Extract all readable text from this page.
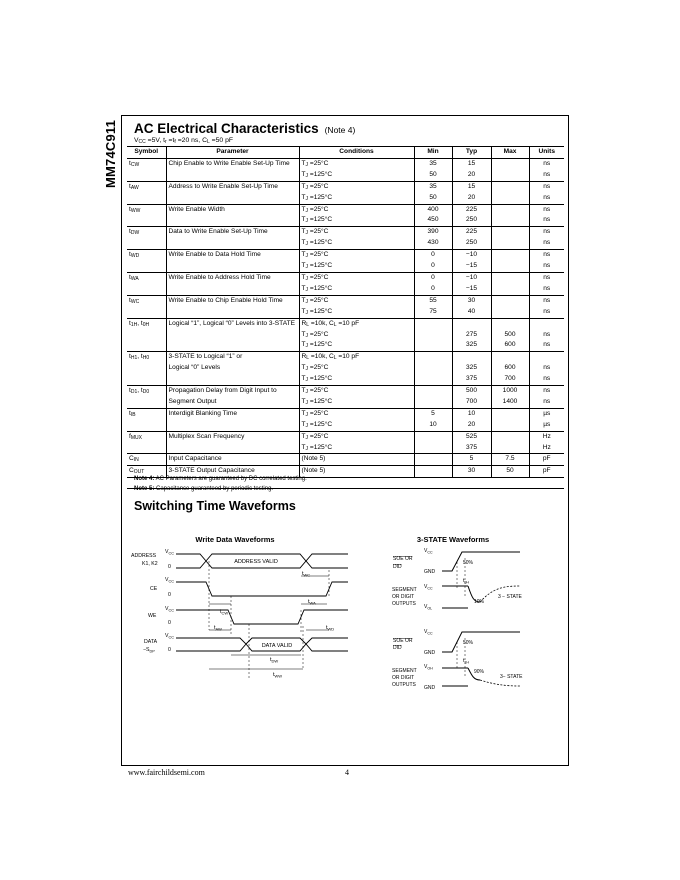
MM74C911 AC Electrical Characteristics (Note 4)
$V_{CC} =5V$, $t_r =t_f =20$ ns, $C_L =50$ pF
Symbol	Parameter	Conditions	Min	Typ	Max	Units
$t_{CW}$	Chip Enable to Write Enable Set-Up Time	$T_J =25^\circ C$	35	15		ns
		$T_J =125^\circ C$	50	20		ns
$t_{AW}$	Address to Write Enable Set-Up Time	$T_J =25^\circ C$	35	15		ns
		$T_J =125^\circ C$	50	20		ns
$t_{WW}$	Write Enable Width	$T_J =25^\circ C$	400	225		ns
		$T_J =125^\circ C$	450	250		ns
$t_{DW}$	Data to Write Enable Set-Up Time	$T_J =25^\circ C$	390	225		ns
		$T_J =125^\circ C$	430	250		ns
$t_{WD}$	Write Enable to Data Hold Time	$T_J =25^\circ C$	0	−10		ns
		$T_J =125^\circ C$	0	−15		ns
$t_{WA}$	Write Enable to Address Hold Time	$T_J =25^\circ C$	0	−10		ns
		$T_J =125^\circ C$	0	−15		ns
$t_{WC}$	Write Enable to Chip Enable Hold Time	$T_J =25^\circ C$	55	30		ns
		$T_J =125^\circ C$	75	40		ns
$t_{1H}$, $t_{0H}$	Logical “1”, Logical “0” Levels into 3-STATE	$R_L =10k$, $C_L =10$ pF				
		$T_J =25^\circ C$		275	500	ns
		$T_J =125^\circ C$		325	600	ns
$t_{H1}$, $t_{H0}$	3-STATE to Logical “1” or	$R_L =10k$, $C_L =10$ pF				
	Logical “0” Levels	$T_J =25^\circ C$		325	600	ns
		$T_J =125^\circ C$		375	700	ns
$t_{D1}$, $t_{D0}$	Propagation Delay from Digit Input to	$T_J =25^\circ C$		500	1000	ns
	Segment Output	$T_J =125^\circ C$		700	1400	ns
$t_{IB}$	Interdigit Blanking Time	$T_J =25^\circ C$	5	10		µs
		$T_J =125^\circ C$	10	20		µs
$f_{MUX}$	Multiplex Scan Frequency	$T_J =25^\circ C$		525		Hz
		$T_J =125^\circ C$		375		Hz
$C_{IN}$	Input Capacitance	(Note 5)		5	7.5	pF
$C_{OUT}$	3-STATE Output Capacitance	(Note 5)		30	50	pF
Note 4: AC Parameters are guaranteed by DC correlated testing.
Note 5: Capacitance guaranteed by periodic testing.
Switching Time Waveforms
Write Data Waveforms
ADDRESS
K1, K2
CE
WE
DATA
$-S_{DP}$
$V_{CC}$
0
$V_{CC}$
0
$V_{CC}$
0
$V_{CC}$
0
ADDRESS VALID
DATA VALID
$t_{WC}$
$t_{CW}$
$t_{WA}$
$t_{AW}$	$t_{WD}$
$t_{DW}$
$t_{WW}$
3-STATE Waveforms
SOE OR
DID
$V_{CC}$
GND
SEGMENT
OR DIGIT
OUTPUTS
$V_{CC}$
$V_{OL}$
SOE OR
DID
$V_{CC}$
GND
SEGMENT
OR DIGIT
OUTPUTS
$V_{OH}$
GND
50%
$t_{0H}$
10%
3 − STATE
50%
$t_{1H}$
90%
3− STATE
www.fairchildsemi.com	4
